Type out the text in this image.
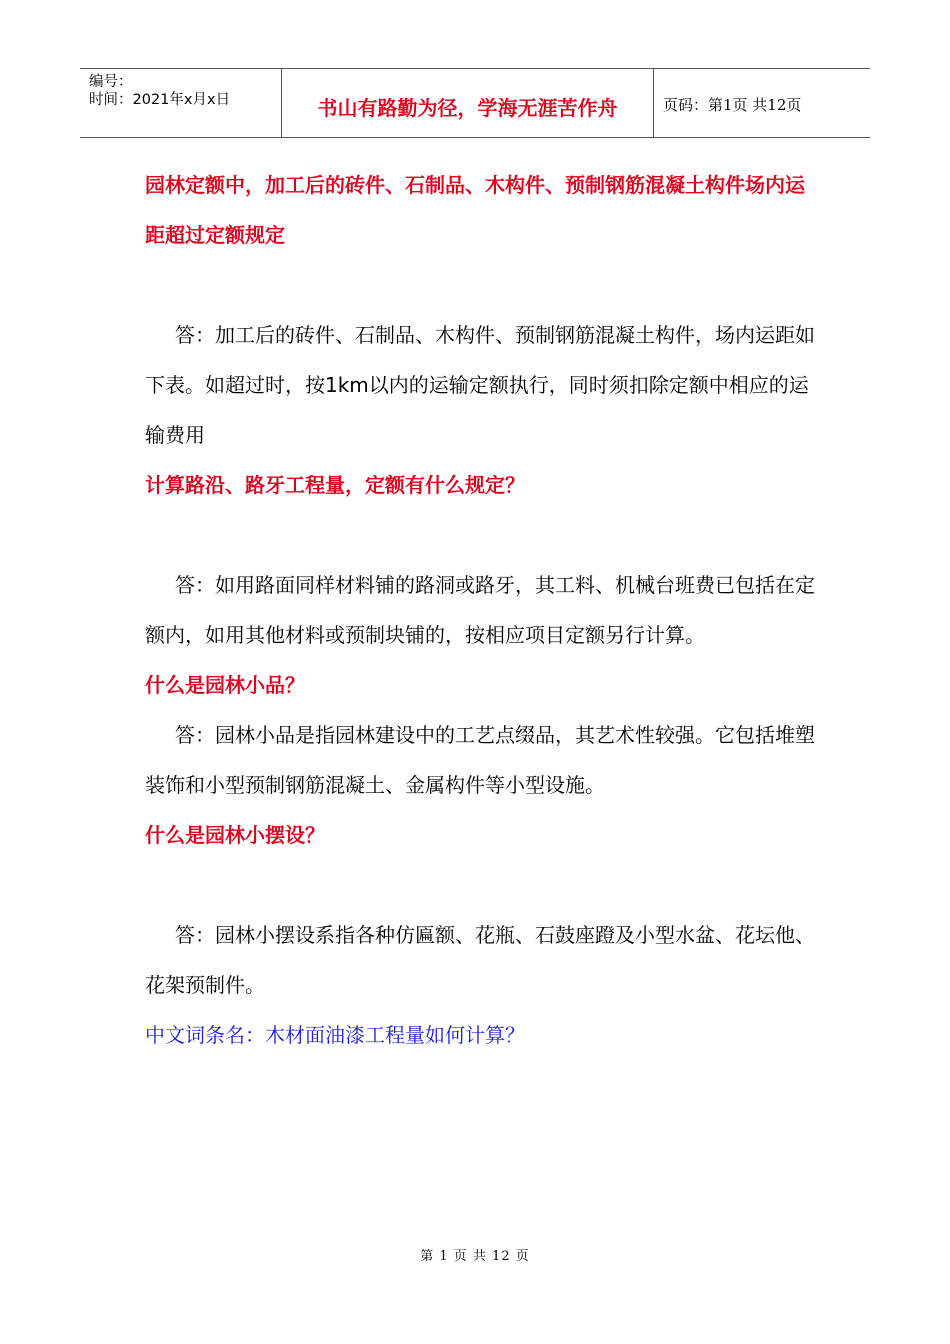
编号：
时间：2021年x月x日	书山有路勤为径，学海无涯苦作舟	页码：第1页 共12页

园林定额中，加工后的砖件、石制品、木构件、预制钢筋混凝土构件场内运距超过定额规定

答：加工后的砖件、石制品、木构件、预制钢筋混凝土构件，场内运距如下表。如超过时，按1km以内的运输定额执行，同时须扣除定额中相应的运输费用

计算路沿、路牙工程量，定额有什么规定？

答：如用路面同样材料铺的路洞或路牙，其工料、机械台班费已包括在定额内，如用其他材料或预制块铺的，按相应项目定额另行计算。

什么是园林小品？

答：园林小品是指园林建设中的工艺点缀品，其艺术性较强。它包括堆塑装饰和小型预制钢筋混凝土、金属构件等小型设施。

什么是园林小摆设？

答：园林小摆设系指各种仿匾额、花瓶、石鼓座蹬及小型水盆、花坛他、花架预制件。

中文词条名：木材面油漆工程量如何计算？

第 1 页 共 12 页
